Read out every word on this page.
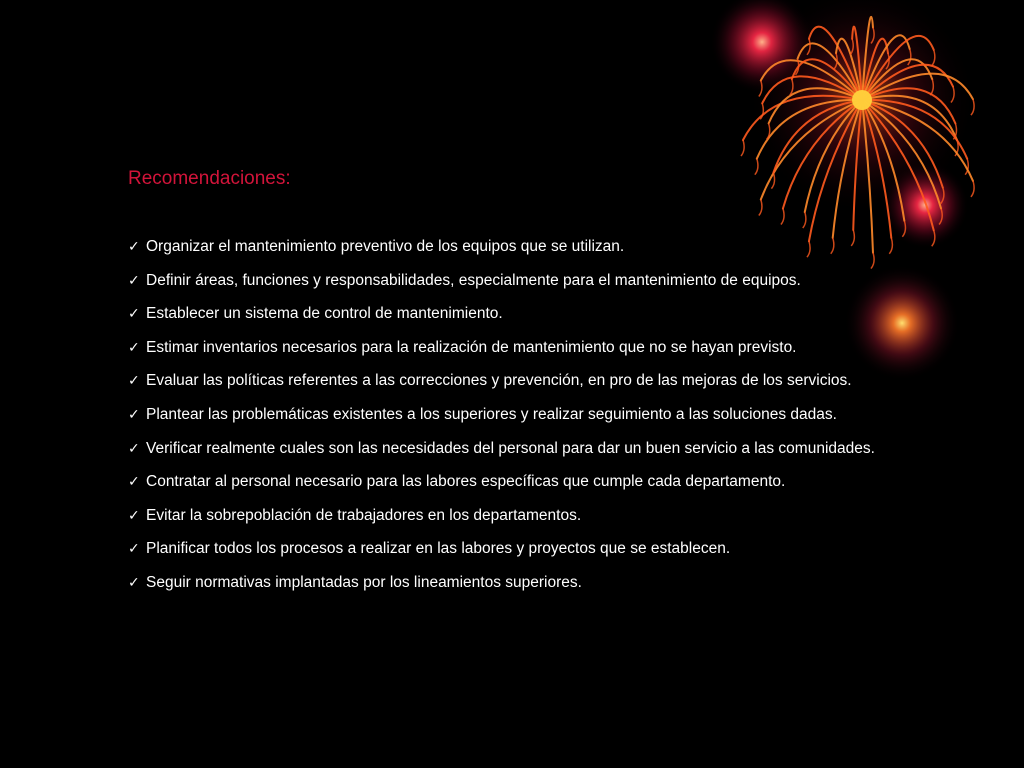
Recomendaciones:
✓ Organizar el mantenimiento preventivo de los equipos que se utilizan.
✓ Definir áreas, funciones y responsabilidades, especialmente para el mantenimiento de equipos.
✓ Establecer un sistema de control de mantenimiento.
✓ Estimar inventarios necesarios para la realización de mantenimiento que no se hayan previsto.
✓ Evaluar las políticas referentes a las correcciones y prevención, en pro de las mejoras de los servicios.
✓ Plantear las problemáticas existentes a los superiores y realizar seguimiento a las soluciones dadas.
✓ Verificar realmente cuales son las necesidades del personal para dar un buen servicio a las comunidades.
✓ Contratar al personal necesario para las labores específicas que cumple cada departamento.
✓ Evitar la sobrepoblación de trabajadores en los departamentos.
✓ Planificar todos los procesos a realizar en las labores y proyectos que se establecen.
✓ Seguir normativas implantadas por los lineamientos superiores.
